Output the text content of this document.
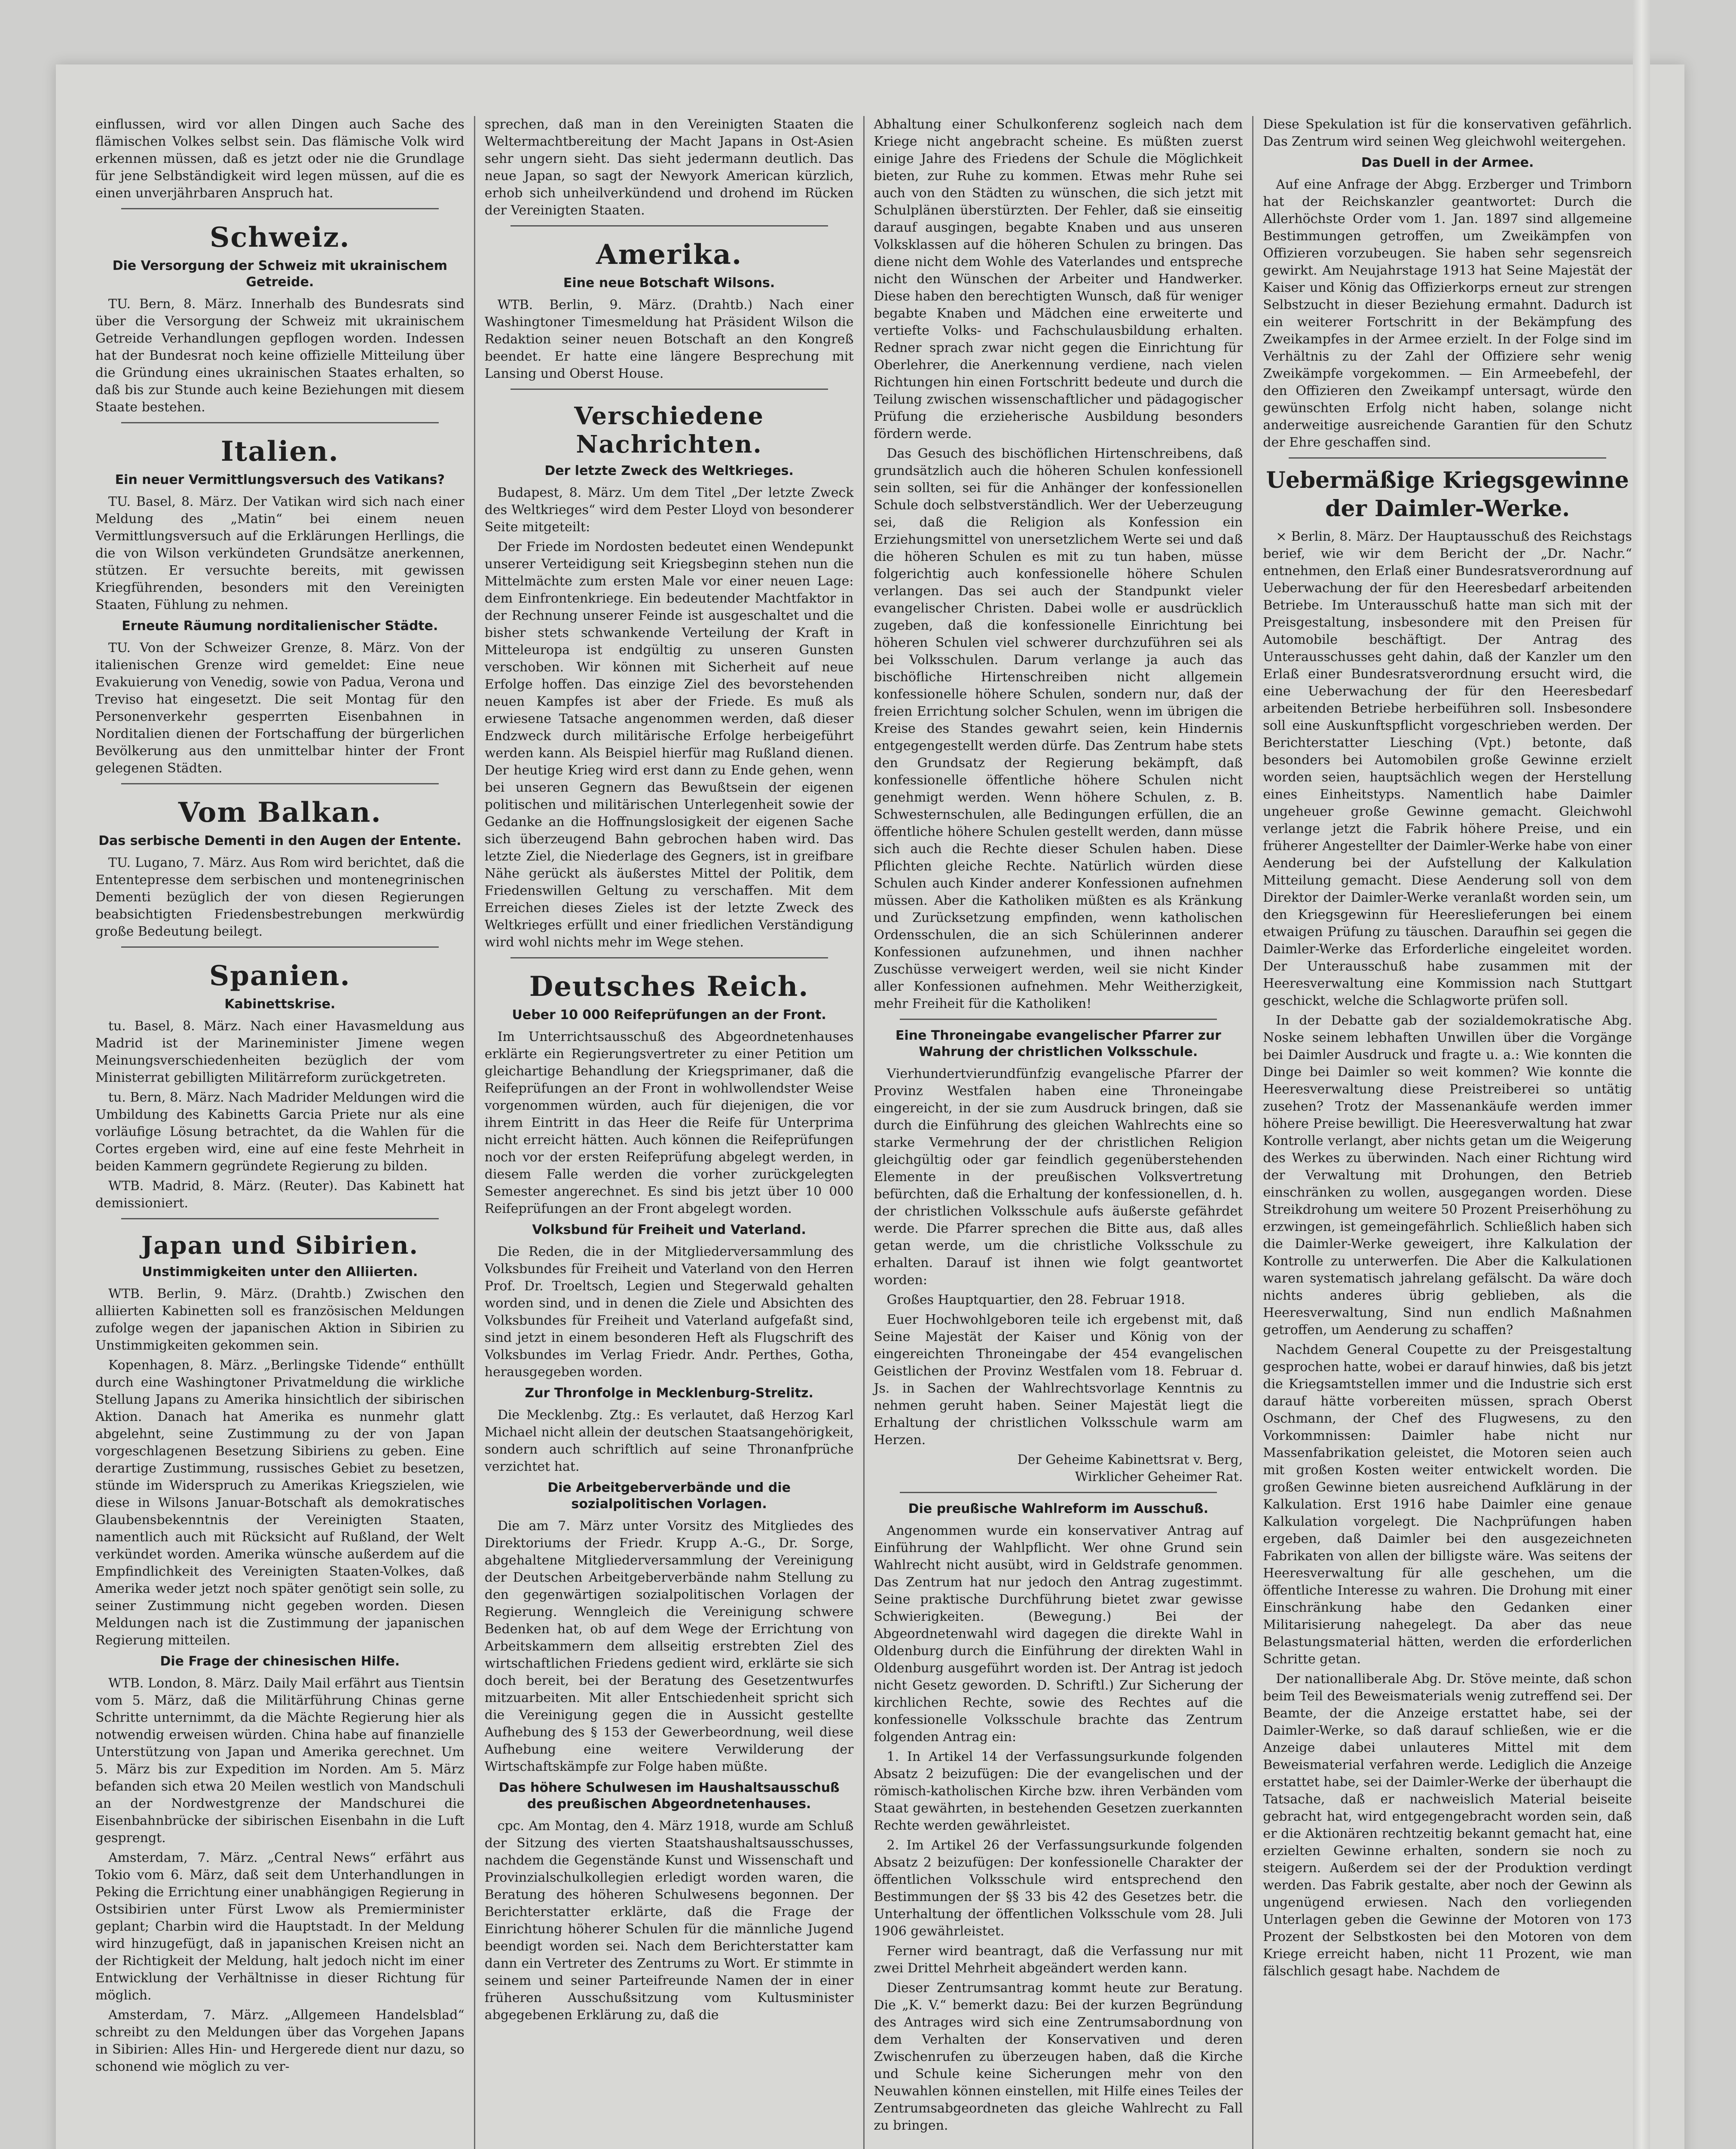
einflussen, wird vor allen Dingen auch Sache des flämischen Volkes selbst sein. Das flämische Volk wird erkennen müssen, daß es jetzt oder nie die Grundlage für jene Selbständigkeit wird legen müssen, auf die es einen unverjährbaren Anspruch hat.

Schweiz.
Die Versorgung der Schweiz mit ukrainischem Getreide.

TU. Bern, 8. März. Innerhalb des Bundesrats sind über die Versorgung der Schweiz mit ukrainischem Getreide Verhandlungen gepflogen worden. Indessen hat der Bundesrat noch keine offizielle Mitteilung über die Gründung eines ukrainischen Staates erhalten, so daß bis zur Stunde auch keine Beziehungen mit diesem Staate bestehen.

Italien.
Ein neuer Vermittlungsversuch des Vatikans?

TU. Basel, 8. März. Der Vatikan wird sich nach einer Meldung des „Matin“ bei einem neuen Vermittlungsversuch auf die Erklärungen Herllings, die die von Wilson verkündeten Grundsätze anerkennen, stützen. Er versuchte bereits, mit gewissen Kriegführenden, besonders mit den Vereinigten Staaten, Fühlung zu nehmen.

Erneute Räumung norditalienischer Städte.

TU. Von der Schweizer Grenze, 8. März. Von der italienischen Grenze wird gemeldet: Eine neue Evakuierung von Venedig, sowie von Padua, Verona und Treviso hat eingesetzt. Die seit Montag für den Personenverkehr gesperrten Eisenbahnen in Norditalien dienen der Fortschaffung der bürgerlichen Bevölkerung aus den unmittelbar hinter der Front gelegenen Städten.

Vom Balkan.
Das serbische Dementi in den Augen der Entente.

TU. Lugano, 7. März. Aus Rom wird berichtet, daß die Ententepresse dem serbischen und montenegrinischen Dementi bezüglich der von diesen Regierungen beabsichtigten Friedensbestrebungen merkwürdig große Bedeutung beilegt.

Spanien.
Kabinettskrise.

tu. Basel, 8. März. Nach einer Havasmeldung aus Madrid ist der Marineminister Jimene wegen Meinungsverschiedenheiten bezüglich der vom Ministerrat gebilligten Militärreform zurückgetreten.

tu. Bern, 8. März. Nach Madrider Meldungen wird die Umbildung des Kabinetts Garcia Priete nur als eine vorläufige Lösung betrachtet, da die Wahlen für die Cortes ergeben wird, eine auf eine feste Mehrheit in beiden Kammern gegründete Regierung zu bilden.

WTB. Madrid, 8. März. (Reuter). Das Kabinett hat demissioniert.

Japan und Sibirien.
Unstimmigkeiten unter den Alliierten.

WTB. Berlin, 9. März. (Drahtb.) Zwischen den alliierten Kabinetten soll es französischen Meldungen zufolge wegen der japanischen Aktion in Sibirien zu Unstimmigkeiten gekommen sein.

Kopenhagen, 8. März. „Berlingske Tidende“ enthüllt durch eine Washingtoner Privatmeldung die wirkliche Stellung Japans zu Amerika hinsichtlich der sibirischen Aktion. Danach hat Amerika es nunmehr glatt abgelehnt, seine Zustimmung zu der von Japan vorgeschlagenen Besetzung Sibiriens zu geben. Eine derartige Zustimmung, russisches Gebiet zu besetzen, stünde im Widerspruch zu Amerikas Kriegszielen, wie diese in Wilsons Januar-Botschaft als demokratisches Glaubensbekenntnis der Vereinigten Staaten, namentlich auch mit Rücksicht auf Rußland, der Welt verkündet worden. Amerika wünsche außerdem auf die Empfindlichkeit des Vereinigten Staaten-Volkes, daß Amerika weder jetzt noch später genötigt sein solle, zu seiner Zustimmung nicht gegeben worden. Diesen Meldungen nach ist die Zustimmung der japanischen Regierung mitteilen.

Die Frage der chinesischen Hilfe.

WTB. London, 8. März. Daily Mail erfährt aus Tientsin vom 5. März, daß die Militärführung Chinas gerne Schritte unternimmt, da die Mächte Regierung hier als notwendig erweisen würden. China habe auf finanzielle Unterstützung von Japan und Amerika gerechnet. Um 5. März bis zur Expedition im Norden. Am 5. März befanden sich etwa 20 Meilen westlich von Mandschuli an der Nordwestgrenze der Mandschurei die Eisenbahnbrücke der sibirischen Eisenbahn in die Luft gesprengt.

Amsterdam, 7. März. „Central News“ erfährt aus Tokio vom 6. März, daß seit dem Unterhandlungen in Peking die Errichtung einer unabhängigen Regierung in Ostsibirien unter Fürst Lwow als Premierminister geplant; Charbin wird die Hauptstadt. In der Meldung wird hinzugefügt, daß in japanischen Kreisen nicht an der Richtigkeit der Meldung, halt jedoch nicht im einer Entwicklung der Verhältnisse in dieser Richtung für möglich.

Amsterdam, 7. März. „Allgemeen Handelsblad“ schreibt zu den Meldungen über das Vorgehen Japans in Sibirien: Alles Hin- und Hergerede dient nur dazu, so schonend wie möglich zu ver-

sprechen, daß man in den Vereinigten Staaten die Weltermachtbereitung der Macht Japans in Ost-Asien sehr ungern sieht. Das sieht jedermann deutlich. Das neue Japan, so sagt der Newyork American kürzlich, erhob sich unheilverkündend und drohend im Rücken der Vereinigten Staaten.

Amerika.
Eine neue Botschaft Wilsons.

WTB. Berlin, 9. März. (Drahtb.) Nach einer Washingtoner Timesmeldung hat Präsident Wilson die Redaktion seiner neuen Botschaft an den Kongreß beendet. Er hatte eine längere Besprechung mit Lansing und Oberst House.

Verschiedene Nachrichten.
Der letzte Zweck des Weltkrieges.

Budapest, 8. März. Um dem Titel „Der letzte Zweck des Weltkrieges“ wird dem Pester Lloyd von besonderer Seite mitgeteilt:

Der Friede im Nordosten bedeutet einen Wendepunkt unserer Verteidigung seit Kriegsbeginn stehen nun die Mittelmächte zum ersten Male vor einer neuen Lage: dem Einfrontenkriege. Ein bedeutender Machtfaktor in der Rechnung unserer Feinde ist ausgeschaltet und die bisher stets schwankende Verteilung der Kraft in Mitteleuropa ist endgültig zu unseren Gunsten verschoben. Wir können mit Sicherheit auf neue Erfolge hoffen. Das einzige Ziel des bevorstehenden neuen Kampfes ist aber der Friede. Es muß als erwiesene Tatsache angenommen werden, daß dieser Endzweck durch militärische Erfolge herbeigeführt werden kann. Als Beispiel hierfür mag Rußland dienen. Der heutige Krieg wird erst dann zu Ende gehen, wenn bei unseren Gegnern das Bewußtsein der eigenen politischen und militärischen Unterlegenheit sowie der Gedanke an die Hoffnungslosigkeit der eigenen Sache sich überzeugend Bahn gebrochen haben wird. Das letzte Ziel, die Niederlage des Gegners, ist in greifbare Nähe gerückt als äußerstes Mittel der Politik, dem Friedenswillen Geltung zu verschaffen. Mit dem Erreichen dieses Zieles ist der letzte Zweck des Weltkrieges erfüllt und einer friedlichen Verständigung wird wohl nichts mehr im Wege stehen.

Deutsches Reich.
Ueber 10 000 Reifeprüfungen an der Front.

Im Unterrichtsausschuß des Abgeordnetenhauses erklärte ein Regierungsvertreter zu einer Petition um gleichartige Behandlung der Kriegsprimaner, daß die Reifeprüfungen an der Front in wohlwollendster Weise vorgenommen würden, auch für diejenigen, die vor ihrem Eintritt in das Heer die Reife für Unterprima nicht erreicht hätten. Auch können die Reifeprüfungen noch vor der ersten Reifeprüfung abgelegt werden, in diesem Falle werden die vorher zurückgelegten Semester angerechnet. Es sind bis jetzt über 10 000 Reifeprüfungen an der Front abgelegt worden.

Volksbund für Freiheit und Vaterland.

Die Reden, die in der Mitgliederversammlung des Volksbundes für Freiheit und Vaterland von den Herren Prof. Dr. Troeltsch, Legien und Stegerwald gehalten worden sind, und in denen die Ziele und Absichten des Volksbundes für Freiheit und Vaterland aufgefaßt sind, sind jetzt in einem besonderen Heft als Flugschrift des Volksbundes im Verlag Friedr. Andr. Perthes, Gotha, herausgegeben worden.

Zur Thronfolge in Mecklenburg-Strelitz.

Die Mecklenbg. Ztg.: Es verlautet, daß Herzog Karl Michael nicht allein der deutschen Staatsangehörigkeit, sondern auch schriftlich auf seine Thronanfprüche verzichtet hat.

Die Arbeitgeberverbände und die sozialpolitischen Vorlagen.

Die am 7. März unter Vorsitz des Mitgliedes des Direktoriums der Friedr. Krupp A.-G., Dr. Sorge, abgehaltene Mitgliederversammlung der Vereinigung der Deutschen Arbeitgeberverbände nahm Stellung zu den gegenwärtigen sozialpolitischen Vorlagen der Regierung. Wenngleich die Vereinigung schwere Bedenken hat, ob auf dem Wege der Errichtung von Arbeitskammern dem allseitig erstrebten Ziel des wirtschaftlichen Friedens gedient wird, erklärte sie sich doch bereit, bei der Beratung des Gesetzentwurfes mitzuarbeiten. Mit aller Entschiedenheit spricht sich die Vereinigung gegen die in Aussicht gestellte Aufhebung des § 153 der Gewerbeordnung, weil diese Aufhebung eine weitere Verwilderung der Wirtschaftskämpfe zur Folge haben müßte.

Das höhere Schulwesen im Haushaltsausschuß des preußischen Abgeordnetenhauses.

cpc. Am Montag, den 4. März 1918, wurde am Schluß der Sitzung des vierten Staatshaushaltsausschusses, nachdem die Gegenstände Kunst und Wissenschaft und Provinzialschulkollegien erledigt worden waren, die Beratung des höheren Schulwesens begonnen. Der Berichterstatter erklärte, daß die Frage der Einrichtung höherer Schulen für die männliche Jugend beendigt worden sei. Nach dem Berichterstatter kam dann ein Vertreter des Zentrums zu Wort. Er stimmte in seinem und seiner Parteifreunde Namen der in einer früheren Ausschußsitzung vom Kultusminister abgegebenen Erklärung zu, daß die

Abhaltung einer Schulkonferenz sogleich nach dem Kriege nicht angebracht scheine. Es müßten zuerst einige Jahre des Friedens der Schule die Möglichkeit bieten, zur Ruhe zu kommen. Etwas mehr Ruhe sei auch von den Städten zu wünschen, die sich jetzt mit Schulplänen überstürzten. Der Fehler, daß sie einseitig darauf ausgingen, begabte Knaben und aus unseren Volksklassen auf die höheren Schulen zu bringen. Das diene nicht dem Wohle des Vaterlandes und entspreche nicht den Wünschen der Arbeiter und Handwerker. Diese haben den berechtigten Wunsch, daß für weniger begabte Knaben und Mädchen eine erweiterte und vertiefte Volks- und Fachschulausbildung erhalten. Redner sprach zwar nicht gegen die Einrichtung für Oberlehrer, die Anerkennung verdiene, nach vielen Richtungen hin einen Fortschritt bedeute und durch die Teilung zwischen wissenschaftlicher und pädagogischer Prüfung die erzieherische Ausbildung besonders fördern werde.

Das Gesuch des bischöflichen Hirtenschreibens, daß grundsätzlich auch die höheren Schulen konfessionell sein sollten, sei für die Anhänger der konfessionellen Schule doch selbstverständlich. Wer der Ueberzeugung sei, daß die Religion als Konfession ein Erziehungsmittel von unersetzlichem Werte sei und daß die höheren Schulen es mit zu tun haben, müsse folgerichtig auch konfessionelle höhere Schulen verlangen. Das sei auch der Standpunkt vieler evangelischer Christen. Dabei wolle er ausdrücklich zugeben, daß die konfessionelle Einrichtung bei höheren Schulen viel schwerer durchzuführen sei als bei Volksschulen. Darum verlange ja auch das bischöfliche Hirtenschreiben nicht allgemein konfessionelle höhere Schulen, sondern nur, daß der freien Errichtung solcher Schulen, wenn im übrigen die Kreise des Standes gewahrt seien, kein Hindernis entgegengestellt werden dürfe. Das Zentrum habe stets den Grundsatz der Regierung bekämpft, daß konfessionelle öffentliche höhere Schulen nicht genehmigt werden. Wenn höhere Schulen, z. B. Schwesternschulen, alle Bedingungen erfüllen, die an öffentliche höhere Schulen gestellt werden, dann müsse sich auch die Rechte dieser Schulen haben. Diese Pflichten gleiche Rechte. Natürlich würden diese Schulen auch Kinder anderer Konfessionen aufnehmen müssen. Aber die Katholiken müßten es als Kränkung und Zurücksetzung empfinden, wenn katholischen Ordensschulen, die an sich Schülerinnen anderer Konfessionen aufzunehmen, und ihnen nachher Zuschüsse verweigert werden, weil sie nicht Kinder aller Konfessionen aufnehmen. Mehr Weitherzigkeit, mehr Freiheit für die Katholiken!

Eine Throneingabe evangelischer Pfarrer zur Wahrung der christlichen Volksschule.

Vierhundertvierundfünfzig evangelische Pfarrer der Provinz Westfalen haben eine Throneingabe eingereicht, in der sie zum Ausdruck bringen, daß sie durch die Einführung des gleichen Wahlrechts eine so starke Vermehrung der der christlichen Religion gleichgültig oder gar feindlich gegenüberstehenden Elemente in der preußischen Volksvertretung befürchten, daß die Erhaltung der konfessionellen, d. h. der christlichen Volksschule aufs äußerste gefährdet werde. Die Pfarrer sprechen die Bitte aus, daß alles getan werde, um die christliche Volksschule zu erhalten. Darauf ist ihnen wie folgt geantwortet worden:

Großes Hauptquartier, den 28. Februar 1918.

Euer Hochwohlgeboren teile ich ergebenst mit, daß Seine Majestät der Kaiser und König von der eingereichten Throneingabe der 454 evangelischen Geistlichen der Provinz Westfalen vom 18. Februar d. Js. in Sachen der Wahlrechtsvorlage Kenntnis zu nehmen geruht haben. Seiner Majestät liegt die Erhaltung der christlichen Volksschule warm am Herzen.

Der Geheime Kabinettsrat v. Berg,

Wirklicher Geheimer Rat.

Die preußische Wahlreform im Ausschuß.

Angenommen wurde ein konservativer Antrag auf Einführung der Wahlpflicht. Wer ohne Grund sein Wahlrecht nicht ausübt, wird in Geldstrafe genommen. Das Zentrum hat nur jedoch den Antrag zugestimmt. Seine praktische Durchführung bietet zwar gewisse Schwierigkeiten. (Bewegung.) Bei der Abgeordnetenwahl wird dagegen die direkte Wahl in Oldenburg durch die Einführung der direkten Wahl in Oldenburg ausgeführt worden ist. Der Antrag ist jedoch nicht Gesetz geworden. D. Schriftl.) Zur Sicherung der kirchlichen Rechte, sowie des Rechtes auf die konfessionelle Volksschule brachte das Zentrum folgenden Antrag ein:

1. In Artikel 14 der Verfassungsurkunde folgenden Absatz 2 beizufügen: Die der evangelischen und der römisch-katholischen Kirche bzw. ihren Verbänden vom Staat gewährten, in bestehenden Gesetzen zuerkannten Rechte werden gewährleistet.

2. Im Artikel 26 der Verfassungsurkunde folgenden Absatz 2 beizufügen: Der konfessionelle Charakter der öffentlichen Volksschule wird entsprechend den Bestimmungen der §§ 33 bis 42 des Gesetzes betr. die Unterhaltung der öffentlichen Volksschule vom 28. Juli 1906 gewährleistet.

Ferner wird beantragt, daß die Verfassung nur mit zwei Drittel Mehrheit abgeändert werden kann.

Dieser Zentrumsantrag kommt heute zur Beratung. Die „K. V.“ bemerkt dazu: Bei der kurzen Begründung des Antrages wird sich eine Zentrumsabordnung von dem Verhalten der Konservativen und deren Zwischenrufen zu überzeugen haben, daß die Kirche und Schule keine Sicherungen mehr von den Neuwahlen können einstellen, mit Hilfe eines Teiles der Zentrumsabgeordneten das gleiche Wahlrecht zu Fall zu bringen.

Diese Spekulation ist für die konservativen gefährlich. Das Zentrum wird seinen Weg gleichwohl weitergehen.

Das Duell in der Armee.

Auf eine Anfrage der Abgg. Erzberger und Trimborn hat der Reichskanzler geantwortet: Durch die Allerhöchste Order vom 1. Jan. 1897 sind allgemeine Bestimmungen getroffen, um Zweikämpfen von Offizieren vorzubeugen. Sie haben sehr segensreich gewirkt. Am Neujahrstage 1913 hat Seine Majestät der Kaiser und König das Offizierkorps erneut zur strengen Selbstzucht in dieser Beziehung ermahnt. Dadurch ist ein weiterer Fortschritt in der Bekämpfung des Zweikampfes in der Armee erzielt. In der Folge sind im Verhältnis zu der Zahl der Offiziere sehr wenig Zweikämpfe vorgekommen. — Ein Armeebefehl, der den Offizieren den Zweikampf untersagt, würde den gewünschten Erfolg nicht haben, solange nicht anderweitige ausreichende Garantien für den Schutz der Ehre geschaffen sind.

Uebermäßige Kriegsgewinne der Daimler-Werke.

× Berlin, 8. März. Der Hauptausschuß des Reichstags berief, wie wir dem Bericht der „Dr. Nachr.“ entnehmen, den Erlaß einer Bundesratsverordnung auf Ueberwachung der für den Heeresbedarf arbeitenden Betriebe. Im Unterausschuß hatte man sich mit der Preisgestaltung, insbesondere mit den Preisen für Automobile beschäftigt. Der Antrag des Unterausschusses geht dahin, daß der Kanzler um den Erlaß einer Bundesratsverordnung ersucht wird, die eine Ueberwachung der für den Heeresbedarf arbeitenden Betriebe herbeiführen soll. Insbesondere soll eine Auskunftspflicht vorgeschrieben werden. Der Berichterstatter Liesching (Vpt.) betonte, daß besonders bei Automobilen große Gewinne erzielt worden seien, hauptsächlich wegen der Herstellung eines Einheitstyps. Namentlich habe Daimler ungeheuer große Gewinne gemacht. Gleichwohl verlange jetzt die Fabrik höhere Preise, und ein früherer Angestellter der Daimler-Werke habe von einer Aenderung bei der Aufstellung der Kalkulation Mitteilung gemacht. Diese Aenderung soll von dem Direktor der Daimler-Werke veranlaßt worden sein, um den Kriegsgewinn für Heereslieferungen bei einem etwaigen Prüfung zu täuschen. Daraufhin sei gegen die Daimler-Werke das Erforderliche eingeleitet worden. Der Unterausschuß habe zusammen mit der Heeresverwaltung eine Kommission nach Stuttgart geschickt, welche die Schlagworte prüfen soll.

In der Debatte gab der sozialdemokratische Abg. Noske seinem lebhaften Unwillen über die Vorgänge bei Daimler Ausdruck und fragte u. a.: Wie konnten die Dinge bei Daimler so weit kommen? Wie konnte die Heeresverwaltung diese Preistreiberei so untätig zusehen? Trotz der Massenankäufe werden immer höhere Preise bewilligt. Die Heeresverwaltung hat zwar Kontrolle verlangt, aber nichts getan um die Weigerung des Werkes zu überwinden. Nach einer Richtung wird der Verwaltung mit Drohungen, den Betrieb einschränken zu wollen, ausgegangen worden. Diese Streikdrohung um weitere 50 Prozent Preiserhöhung zu erzwingen, ist gemeingefährlich. Schließlich haben sich die Daimler-Werke geweigert, ihre Kalkulation der Kontrolle zu unterwerfen. Die Aber die Kalkulationen waren systematisch jahrelang gefälscht. Da wäre doch nichts anderes übrig geblieben, als die Heeresverwaltung, Sind nun endlich Maßnahmen getroffen, um Aenderung zu schaffen?

Nachdem General Coupette zu der Preisgestaltung gesprochen hatte, wobei er darauf hinwies, daß bis jetzt die Kriegsamtstellen immer und die Industrie sich erst darauf hätte vorbereiten müssen, sprach Oberst Oschmann, der Chef des Flugwesens, zu den Vorkommnissen: Daimler habe nicht nur Massenfabrikation geleistet, die Motoren seien auch mit großen Kosten weiter entwickelt worden. Die großen Gewinne bieten ausreichend Aufklärung in der Kalkulation. Erst 1916 habe Daimler eine genaue Kalkulation vorgelegt. Die Nachprüfungen haben ergeben, daß Daimler bei den ausgezeichneten Fabrikaten von allen der billigste wäre. Was seitens der Heeresverwaltung für alle geschehen, um die öffentliche Interesse zu wahren. Die Drohung mit einer Einschränkung habe den Gedanken einer Militarisierung nahegelegt. Da aber das neue Belastungsmaterial hätten, werden die erforderlichen Schritte getan.

Der nationalliberale Abg. Dr. Stöve meinte, daß schon beim Teil des Beweismaterials wenig zutreffend sei. Der Beamte, der die Anzeige erstattet habe, sei der Daimler-Werke, so daß darauf schließen, wie er die Anzeige dabei unlauteres Mittel mit dem Beweismaterial verfahren werde. Lediglich die Anzeige erstattet habe, sei der Daimler-Werke der überhaupt die Tatsache, daß er nachweislich Material beiseite gebracht hat, wird entgegengebracht worden sein, daß er die Aktionären rechtzeitig bekannt gemacht hat, eine erzielten Gewinne erhalten, sondern sie noch zu steigern. Außerdem sei der der Produktion verdingt werden. Das Fabrik gestalte, aber noch der Gewinn als ungenügend erwiesen. Nach den vorliegenden Unterlagen geben die Gewinne der Motoren von 173 Prozent der Selbstkosten bei den Motoren von dem Kriege erreicht haben, nicht 11 Prozent, wie man fälschlich gesagt habe. Nachdem de
